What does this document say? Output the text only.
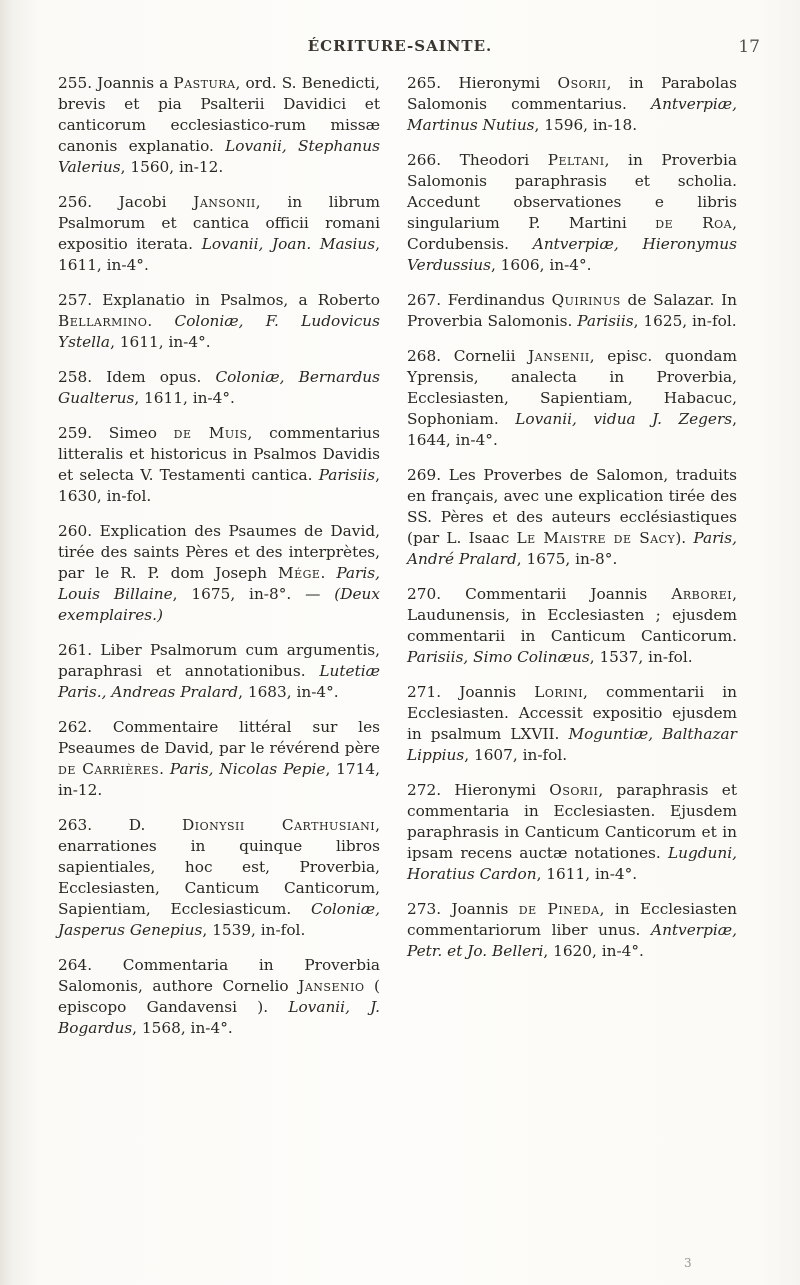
ÉCRITURE-SAINTE.	17

255. Joannis a Pastura, ord. S. Benedicti, brevis et pia Psalterii Davidici et canticorum ecclesiastico-rum missæ canonis explanatio. Lovanii, Stephanus Valerius, 1560, in-12.

256. Jacobi Jansonii, in librum Psalmorum et cantica officii romani expositio iterata. Lovanii, Joan. Masius, 1611, in-4°.

257. Explanatio in Psalmos, a Roberto Bellarmino. Coloniæ, F. Ludovicus Ystella, 1611, in-4°.

258. Idem opus. Coloniæ, Bernardus Gualterus, 1611, in-4°.

259. Simeo de Muis, commentarius litteralis et historicus in Psalmos Davidis et selecta V. Testamenti cantica. Parisiis, 1630, in-fol.

260. Explication des Psaumes de David, tirée des saints Pères et des interprètes, par le R. P. dom Joseph Mége. Paris, Louis Billaine, 1675, in-8°. — (Deux exemplaires.)

261. Liber Psalmorum cum argumentis, paraphrasi et annotationibus. Lutetiæ Paris., Andreas Pralard, 1683, in-4°.

262. Commentaire littéral sur les Pseaumes de David, par le révérend père de Carrières. Paris, Nicolas Pepie, 1714, in-12.

263. D. Dionysii Carthusiani, enarrationes in quinque libros sapientiales, hoc est, Proverbia, Ecclesiasten, Canticum Canticorum, Sapientiam, Ecclesiasticum. Coloniæ, Jasperus Genepius, 1539, in-fol.

264. Commentaria in Proverbia Salomonis, authore Cornelio Jansenio ( episcopo Gandavensi ). Lovanii, J. Bogardus, 1568, in-4°.

265. Hieronymi Osorii, in Parabolas Salomonis commentarius. Antverpiæ, Martinus Nutius, 1596, in-18.

266. Theodori Peltani, in Proverbia Salomonis paraphrasis et scholia. Accedunt observationes e libris singularium P. Martini de Roa, Cordubensis. Antverpiæ, Hieronymus Verdussius, 1606, in-4°.

267. Ferdinandus Quirinus de Salazar. In Proverbia Salomonis. Parisiis, 1625, in-fol.

268. Cornelii Jansenii, episc. quondam Yprensis, analecta in Proverbia, Ecclesiasten, Sapientiam, Habacuc, Sophoniam. Lovanii, vidua J. Zegers, 1644, in-4°.

269. Les Proverbes de Salomon, traduits en français, avec une explication tirée des SS. Pères et des auteurs ecclésiastiques (par L. Isaac Le Maistre de Sacy). Paris, André Pralard, 1675, in-8°.

270. Commentarii Joannis Arborei, Laudunensis, in Ecclesiasten ; ejusdem commentarii in Canticum Canticorum. Parisiis, Simo Colinæus, 1537, in-fol.

271. Joannis Lorini, commentarii in Ecclesiasten. Accessit expositio ejusdem in psalmum LXVII. Moguntiæ, Balthazar Lippius, 1607, in-fol.

272. Hieronymi Osorii, paraphrasis et commentaria in Ecclesiasten. Ejusdem paraphrasis in Canticum Canticorum et in ipsam recens auctæ notationes. Lugduni, Horatius Cardon, 1611, in-4°.

273. Joannis de Pineda, in Ecclesiasten commentariorum liber unus. Antverpiæ, Petr. et Jo. Belleri, 1620, in-4°.

3
